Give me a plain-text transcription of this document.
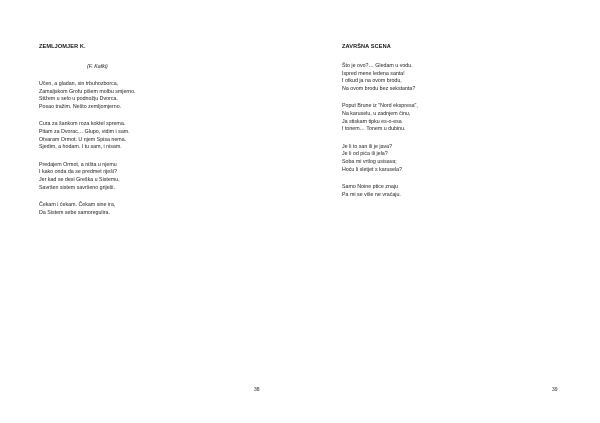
ZEMLJOMJER K.
(F. Kafki)
Učen, a gladan, sin trbuhozborca,
Zamaljskom Grofu pišem molbu smjerno.
Stižem u selo u podnožju Dvorca.
Posao tražim. Nešto zemljomjerno.
Cura za šankom roza koktel sprema.
Pitam za Dvorac… Glupo, vidim i sam.
Otvaram Ormot. U njem Spisa nema.
Sjedim, a hodam. I tu sam, i nisam.
Predajem Ormot, a ništa u njemu
I kako onda da se predmet riješi?
Jer kad se desi Greška u Sistemu,
Savršen sistem savršeno griješi.
Čekam i čekam. Čekam sine ira,
Da Sistem sebe samoregulira.
38
ZAVRŠNA SCENA
Što je ovo?… Gledam u vodu.
Ispred mene ledena santa!
I otkud ja na ovom brodu,
Na ovom brodu bez sekstanta?
Poput Brune iz "Nord ekspresa",
Na karuselu, u zadnjem činu,
Ja stiskam tipku es-o-esa
I tonem… Tonem u dubinu.
Je li to san ili je java?
Je li od pića ili jela?
Soba mi vrtlog usisava;
Hoću li sletjet s karusela?
Samo Noine ptice znaju
Pa mi se više ne vraćaju.
39
